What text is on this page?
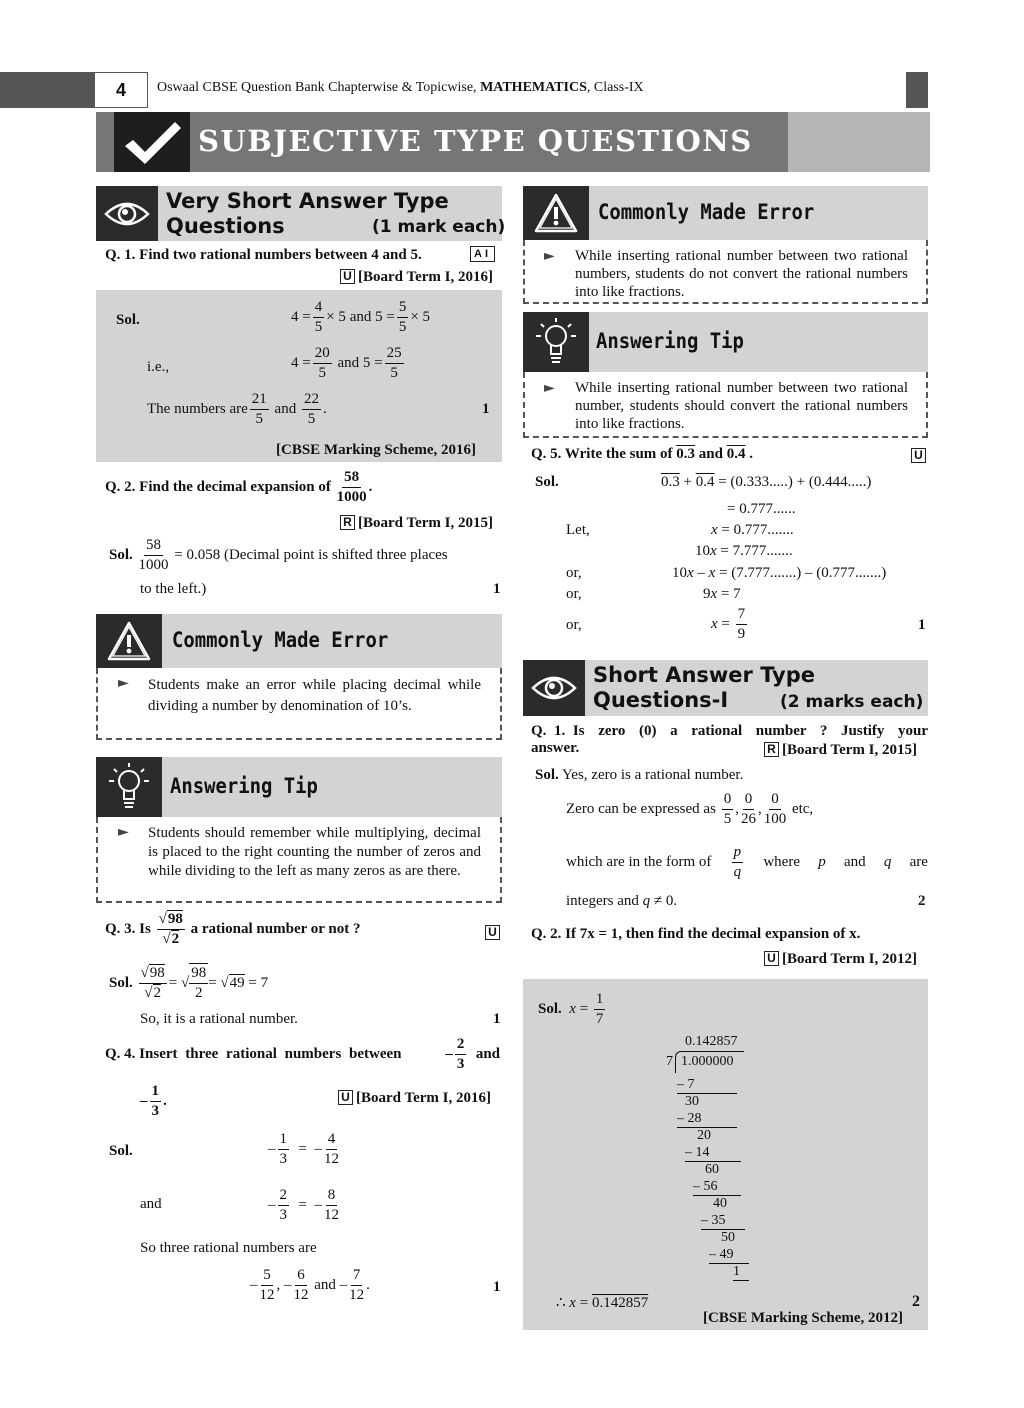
4	Oswaal CBSE Question Bank Chapterwise & Topicwise, MATHEMATICS, Class-IX
SUBJECTIVE TYPE QUESTIONS
Very Short Answer Type
Questions	(1 mark each)
Q. 1. Find two rational numbers between 4 and 5.	AI
U [Board Term I, 2016]
Sol.	$4 = \frac{4}{5} \times 5$
and $5 = \frac{5}{5} \times 5$
i.e.,	$4 = \frac{20}{5}$
and $5 = \frac{25}{5}$
The numbers are $\frac{21}{5}$
and
$\frac{22}{5}$ .	1
[CBSE Marking Scheme, 2016]
Q. 2.
Find the decimal expansion of
$\frac{58}{1000}$ .
R [Board Term I, 2015]
Sol.
$\frac{58}{1000}$
= 0.058 (Decimal point is shifted three places
to the left.)	1
Commonly Made Error
► Students make an error while placing decimal while dividing a number by denomination of 10’s.
Answering Tip
► Students should remember while multiplying, decimal is placed to the right counting the number of zeros and while dividing to the left as many zeros as are there.
Q. 3.
Is
$\frac{√98}{√2}$
a rational number or not ?	U
Sol.
$\frac{√98}{√2}$ = √ $\frac{98}{2}$ = √ 49
= 7
So, it is a rational number.	1
Q. 4. Insert three rational numbers between	– $\frac{2}{3}$
and
– $\frac{1}{3}$ .	U [Board Term I, 2016]
Sol.	– $\frac{1}{3}$ =  – $\frac{4}{12}$
and	– $\frac{2}{3}$ =  – $\frac{8}{12}$
So three rational numbers are
– $\frac{5}{12}$ , – $\frac{6}{12}$ and – $\frac{7}{12}$ .	1
Commonly Made Error
► While inserting rational number between two rational numbers, students do not convert the rational numbers into like fractions.
Answering Tip
► While inserting rational number between two rational number, students should convert the rational numbers into like fractions.
Q. 5. Write the sum of 0.3 and 0.4 .	U
Sol.	0.3 + 0.4 = (0.333.....) + (0.444.....)
= 0.777......
Let,	x = 0.777.......
10x = 7.777.......
or,	10x – x = (7.777.......) – (0.777.......)
or,	9x = 7
or,	$x = \frac{7}{9}$	1
Short Answer Type
Questions-I	(2 marks each)
Q. 1. Is zero (0) a rational number ? Justify your answer.	R [Board Term I, 2015]
Sol. Yes, zero is a rational number.
Zero can be expressed as
$\frac{0}{5}$ , $\frac{0}{26}$ , $\frac{0}{100}$
etc,
which are in the form of $\frac{p}{q}$ where p and q are
integers and q ≠ 0.	2
Q. 2. If 7x = 1, then find the decimal expansion of x.
U [Board Term I, 2012]
Sol.
$x = \frac{1}{7}$
0.142857
7 1.000000
– 7
30
– 28
20
– 14
60
– 56
40
– 35
50
– 49
1
∴ x = 0.142857	2
[CBSE Marking Scheme, 2012]
